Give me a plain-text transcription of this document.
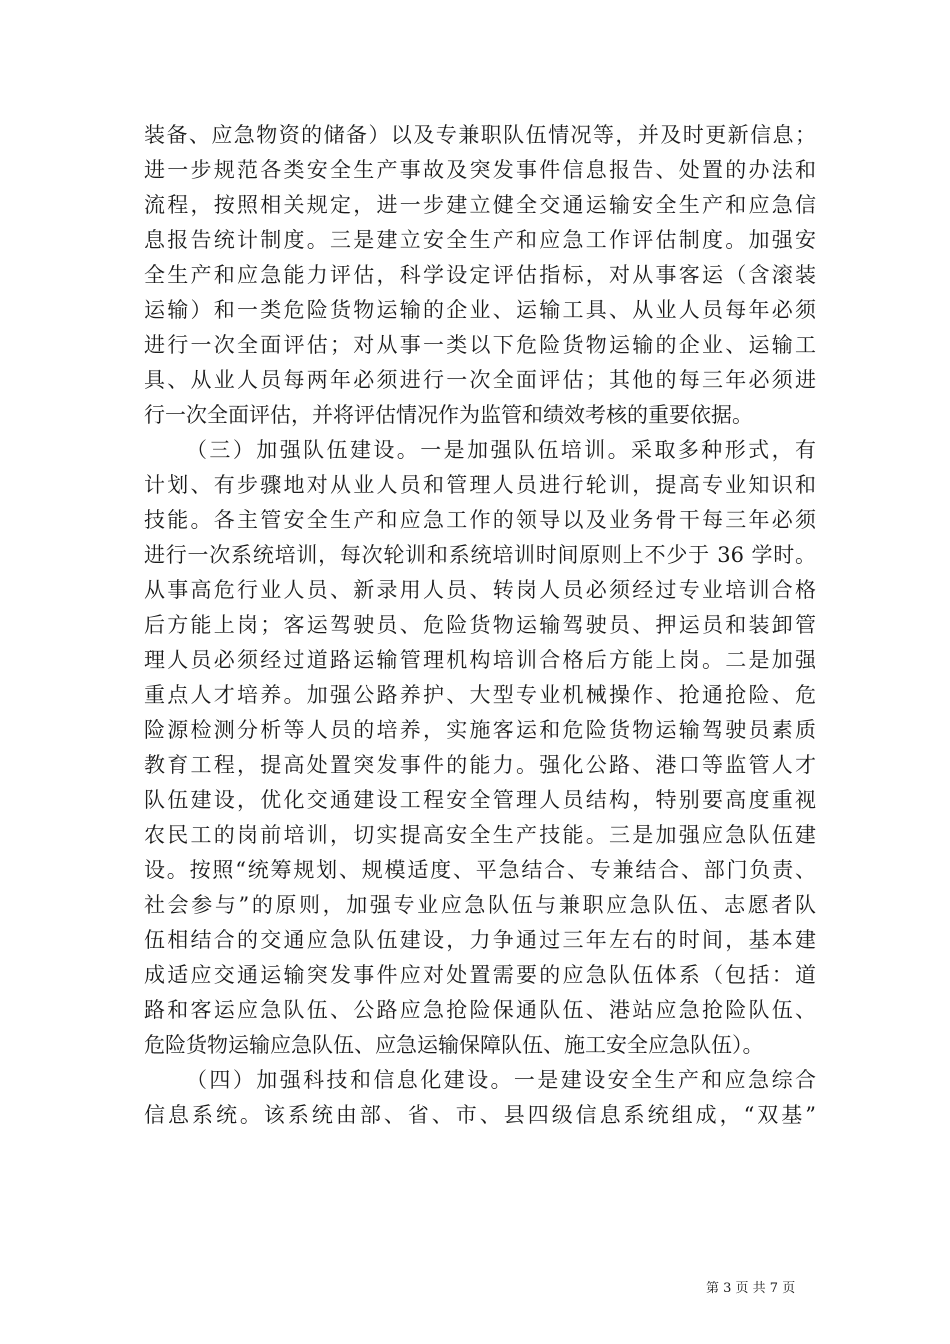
装备、应急物资的储备）以及专兼职队伍情况等，并及时更新信息；
进一步规范各类安全生产事故及突发事件信息报告、处置的办法和
流程，按照相关规定，进一步建立健全交通运输安全生产和应急信
息报告统计制度。三是建立安全生产和应急工作评估制度。加强安
全生产和应急能力评估，科学设定评估指标，对从事客运（含滚装
运输）和一类危险货物运输的企业、运输工具、从业人员每年必须
进行一次全面评估；对从事一类以下危险货物运输的企业、运输工
具、从业人员每两年必须进行一次全面评估；其他的每三年必须进
行一次全面评估，并将评估情况作为监管和绩效考核的重要依据。
（三）加强队伍建设。一是加强队伍培训。采取多种形式，有
计划、有步骤地对从业人员和管理人员进行轮训，提高专业知识和
技能。各主管安全生产和应急工作的领导以及业务骨干每三年必须
进行一次系统培训，每次轮训和系统培训时间原则上不少于 36 学时。
从事高危行业人员、新录用人员、转岗人员必须经过专业培训合格
后方能上岗；客运驾驶员、危险货物运输驾驶员、押运员和装卸管
理人员必须经过道路运输管理机构培训合格后方能上岗。二是加强
重点人才培养。加强公路养护、大型专业机械操作、抢通抢险、危
险源检测分析等人员的培养，实施客运和危险货物运输驾驶员素质
教育工程，提高处置突发事件的能力。强化公路、港口等监管人才
队伍建设，优化交通建设工程安全管理人员结构，特别要高度重视
农民工的岗前培训，切实提高安全生产技能。三是加强应急队伍建
设。按照“统筹规划、规模适度、平急结合、专兼结合、部门负责、
社会参与”的原则，加强专业应急队伍与兼职应急队伍、志愿者队
伍相结合的交通应急队伍建设，力争通过三年左右的时间，基本建
成适应交通运输突发事件应对处置需要的应急队伍体系（包括：道
路和客运应急队伍、公路应急抢险保通队伍、港站应急抢险队伍、
危险货物运输应急队伍、应急运输保障队伍、施工安全应急队伍）。
（四）加强科技和信息化建设。一是建设安全生产和应急综合
信息系统。该系统由部、省、市、县四级信息系统组成，“双基”
第 3 页 共 7 页
